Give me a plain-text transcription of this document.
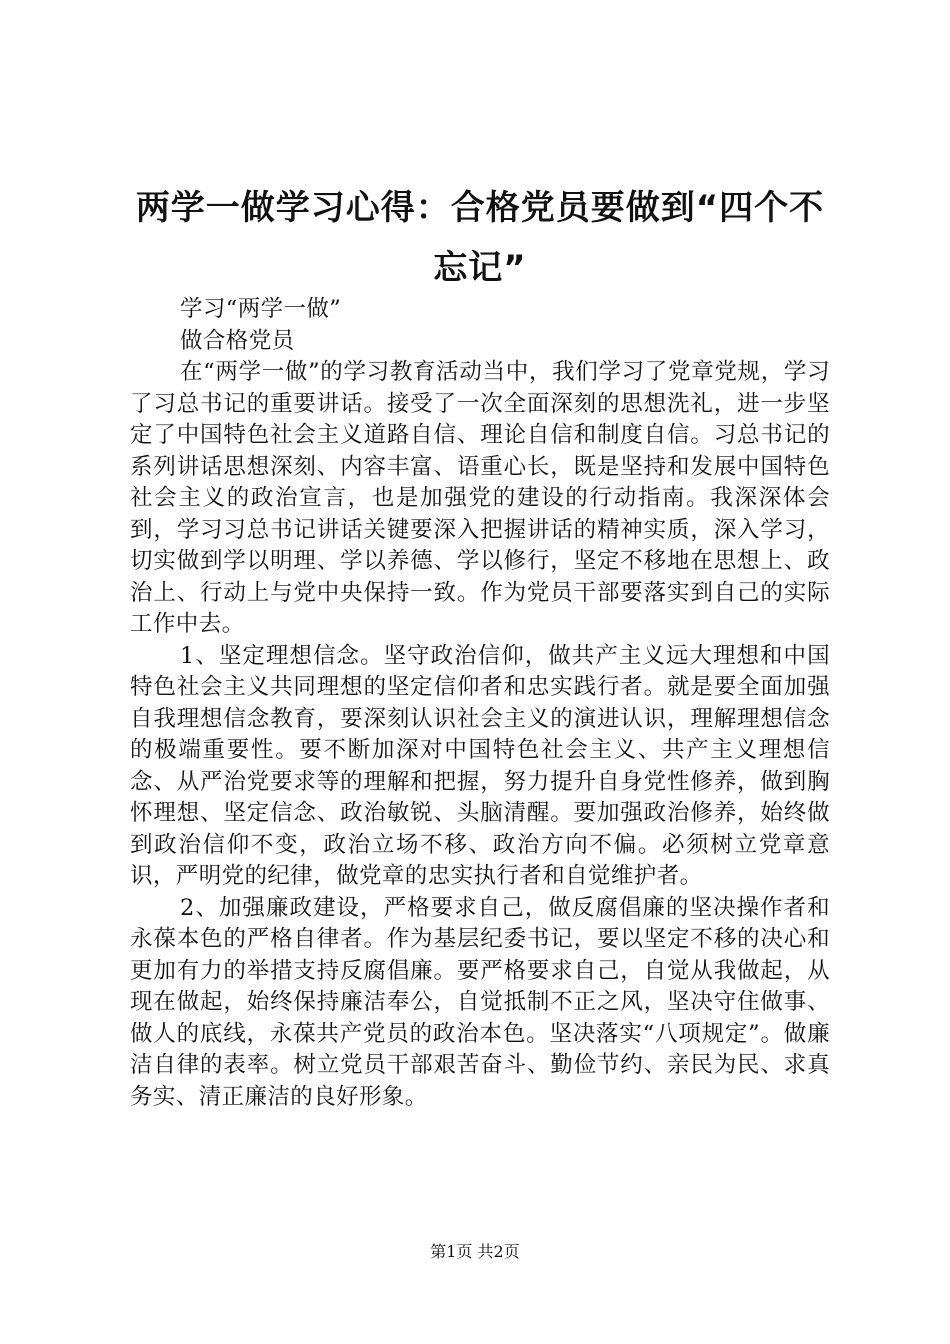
两学一做学习心得：合格党员要做到“四个不忘记”

学习“两学一做”

做合格党员

在“两学一做”的学习教育活动当中，我们学习了党章党规，学习了习总书记的重要讲话。接受了一次全面深刻的思想洗礼，进一步坚定了中国特色社会主义道路自信、理论自信和制度自信。习总书记的系列讲话思想深刻、内容丰富、语重心长，既是坚持和发展中国特色社会主义的政治宣言，也是加强党的建设的行动指南。我深深体会到，学习习总书记讲话关键要深入把握讲话的精神实质，深入学习，切实做到学以明理、学以养德、学以修行，坚定不移地在思想上、政治上、行动上与党中央保持一致。作为党员干部要落实到自己的实际工作中去。

1、坚定理想信念。坚守政治信仰，做共产主义远大理想和中国特色社会主义共同理想的坚定信仰者和忠实践行者。就是要全面加强自我理想信念教育，要深刻认识社会主义的演进认识，理解理想信念的极端重要性。要不断加深对中国特色社会主义、共产主义理想信念、从严治党要求等的理解和把握，努力提升自身党性修养，做到胸怀理想、坚定信念、政治敏锐、头脑清醒。要加强政治修养，始终做到政治信仰不变，政治立场不移、政治方向不偏。必须树立党章意识，严明党的纪律，做党章的忠实执行者和自觉维护者。

2、加强廉政建设，严格要求自己，做反腐倡廉的坚决操作者和永葆本色的严格自律者。作为基层纪委书记，要以坚定不移的决心和更加有力的举措支持反腐倡廉。要严格要求自己，自觉从我做起，从现在做起，始终保持廉洁奉公，自觉抵制不正之风，坚决守住做事、做人的底线，永葆共产党员的政治本色。坚决落实“八项规定”。做廉洁自律的表率。树立党员干部艰苦奋斗、勤俭节约、亲民为民、求真务实、清正廉洁的良好形象。

第1页 共2页
